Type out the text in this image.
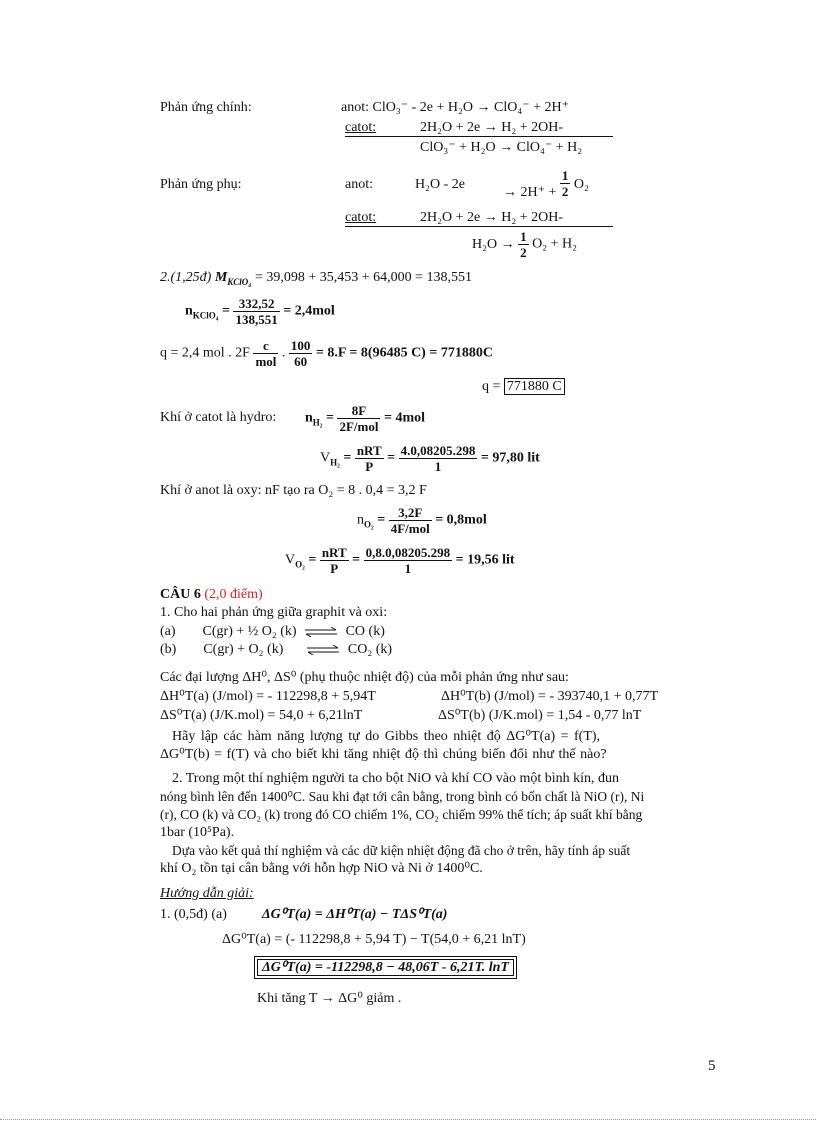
Phản ứng chính:	anot: ClO₃⁻ - 2e + H₂O → ClO₄⁻ + 2H⁺
catot:	2H₂O + 2e → H₂ + 2OH-
ClO₃⁻ + H₂O → ClO₄⁻ + H₂
Phản ứng phụ:	anot:	H₂O - 2e
→ $2H^+ + \frac{1}{2} O_2$
catot:	2H₂O + 2e → H₂ + 2OH-
$H_2O \to \frac{1}{2} O_2 + H_2$
2.(1,25đ) $M_{KClO_4} = 39,098 + 35,453 + 64,000 = 138,551$
$n_{KClO_4} = \frac{332,52}{138,551} = 2,4mol$
q = 2,4 mol . $2F \frac{c}{\text{mol}}$ . $\frac{100}{60} = 8.F = 8(96485$ C) = 771880C
q = 771880 C
Khí ở catot là hydro: $n_{H_2} = \frac{8F}{\text{2F/mol}} = 4mol$
$V_{H_2} = \frac{\text{nRT}}{P} = \frac{4.0,08205.298}{1} = 97,80$ lit
Khí ở anot là oxy: nF tạo ra O₂ = 8 . 0,4 = 3,2 F
$n_{O_2} = \frac{3,2F}{\text{4F/mol}} = 0,8mol$
$V_{O_2} = \frac{\text{nRT}}{P} = \frac{0,8.0,08205.298}{1} = 19,56$ lit
CÂU 6 (2,0 điểm)
1. Cho hai phản ứng giữa graphit và oxi:
(a) C(gr) + ½ O₂ (k) ⇌ CO (k)
(b) C(gr) + O₂ (k) ⇌ CO₂ (k)
Các đại lượng ΔH⁰, ΔS⁰ (phụ thuộc nhiệt độ) của mỗi phản ứng như sau:
ΔH⁰T(a) (J/mol) = - 112298,8 + 5,94T	ΔH⁰T(b) (J/mol) = - 393740,1 + 0,77T
ΔS⁰T(a) (J/K.mol) = 54,0 + 6,21lnT	ΔS⁰T(b) (J/K.mol) = 1,54 - 0,77 lnT
Hãy lập các hàm năng lượng tự do Gibbs theo nhiệt độ ΔG⁰T(a) = f(T),
ΔG⁰T(b) = f(T) và cho biết khi tăng nhiệt độ thì chúng biến đổi như thế nào?
2. Trong một thí nghiệm người ta cho bột NiO và khí CO vào một bình kín, đun
nóng bình lên đến 1400⁰C. Sau khi đạt tới cân bằng, trong bình có bốn chất là NiO (r), Ni
(r), CO (k) và CO₂ (k) trong đó CO chiếm 1%, CO₂ chiếm 99% thể tích; áp suất khí bằng
1bar (10⁵Pa).
Dựa vào kết quả thí nghiệm và các dữ kiện nhiệt động đã cho ở trên, hãy tính áp suất
khí O₂ tồn tại cân bằng với hỗn hợp NiO và Ni ở 1400⁰C.
Hướng dẫn giải:
1. (0,5đ) (a)	ΔG⁰T(a) = ΔH⁰T(a) − TΔS⁰T(a)
ΔG⁰T(a) = (- 112298,8 + 5,94 T) − T(54,0 + 6,21 lnT)
ΔG⁰T(a) = -112298,8 − 48,06T - 6,21T. lnT
Khi tăng T → ΔG⁰ giảm .
5
